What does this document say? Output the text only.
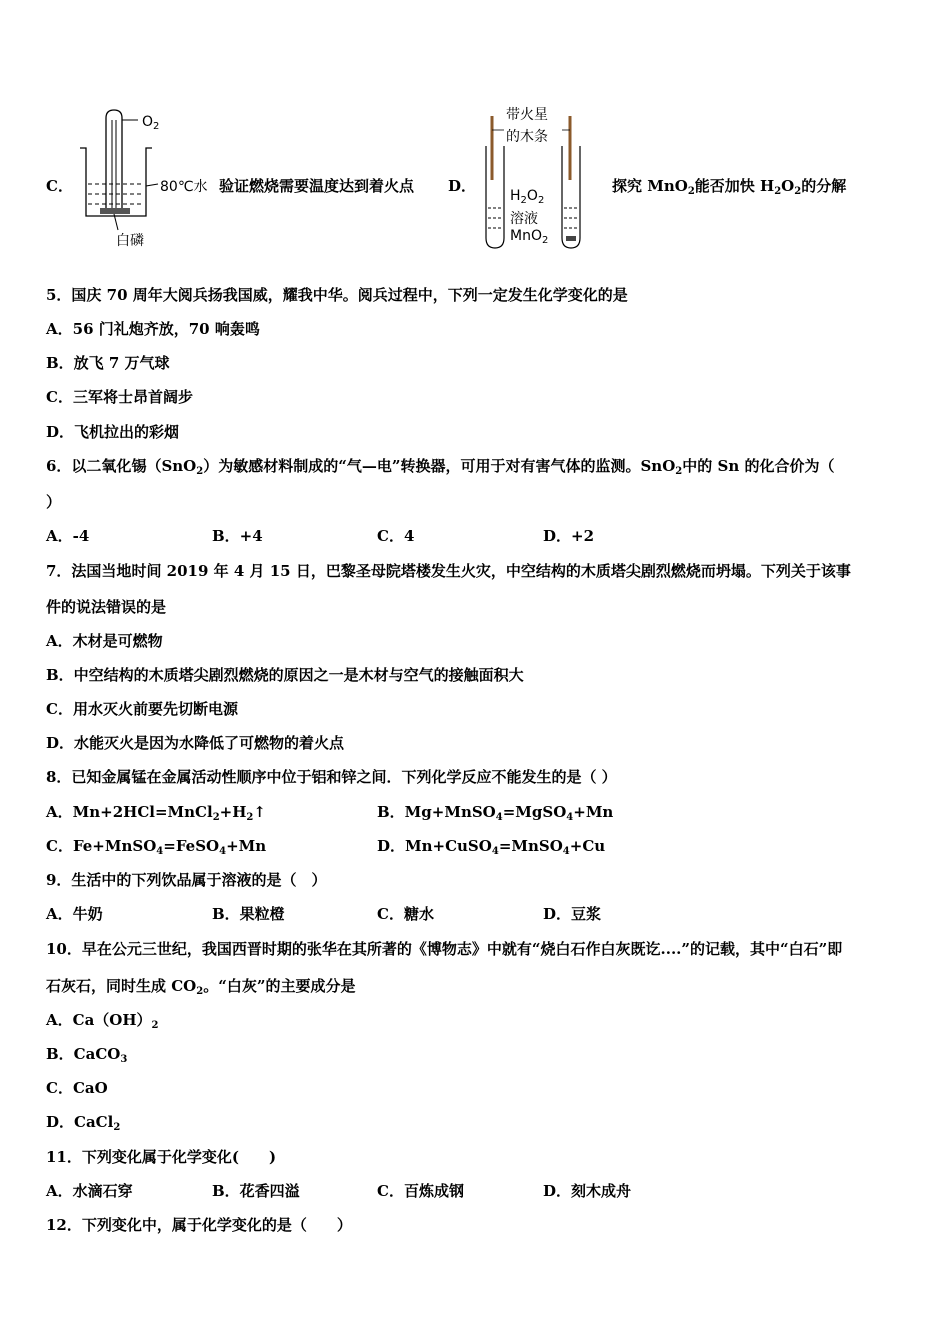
C．
$O_2$
80℃水
白磷
验证燃烧需要温度达到着火点 D．
带火星
的木条
$H_2O_2$
溶液
MnO$_2$
探究 MnO$_2$能否加快 $H_2O_2$的分解
5．国庆 70 周年大阅兵扬我国威，耀我中华。阅兵过程中，下列一定发生化学变化的是
A．56 门礼炮齐放，70 响轰鸣
B．放飞 7 万气球
C．三军将士昂首阔步
D．飞机拉出的彩烟
6．以二氧化锡（SnO$_2$）为敏感材料制成的“气—电”转换器，可用于对有害气体的监测。SnO$_2$中的 Sn 的化合价为（
）
A．-4	B．+4	C．4	D．+2
7．法国当地时间 2019 年 4 月 15 日，巴黎圣母院塔楼发生火灾，中空结构的木质塔尖剧烈燃烧而坍塌。下列关于该事
件的说法错误的是
A．木材是可燃物
B．中空结构的木质塔尖剧烈燃烧的原因之一是木材与空气的接触面积大
C．用水灭火前要先切断电源
D．水能灭火是因为水降低了可燃物的着火点
8．已知金属锰在金属活动性顺序中位于铝和锌之间．下列化学反应不能发生的是（ ）
A．$Mn+2HCl=MnCl_2+H_2↑$	B．Mg+MnSO$_4$=MgSO$_4$+Mn
C．Fe+MnSO$_4$=FeSO$_4$+Mn	D．Mn+CuSO$_4$=MnSO$_4$+Cu
9．生活中的下列饮品属于溶液的是（　）
A．牛奶	B．果粒橙	C．糖水	D．豆浆
10．早在公元三世纪，我国西晋时期的张华在其所著的《博物志》中就有“烧白石作白灰既讫....”的记载，其中“白石”即
石灰石，同时生成 $CO_2$。“白灰”的主要成分是
A．$Ca(OH)_2$
B．CaCO$_3$
C．CaO
D．CaCl$_2$
11．下列变化属于化学变化(　　)
A．水滴石穿	B．花香四溢	C．百炼成钢	D．刻木成舟
12．下列变化中，属于化学变化的是（　　）
